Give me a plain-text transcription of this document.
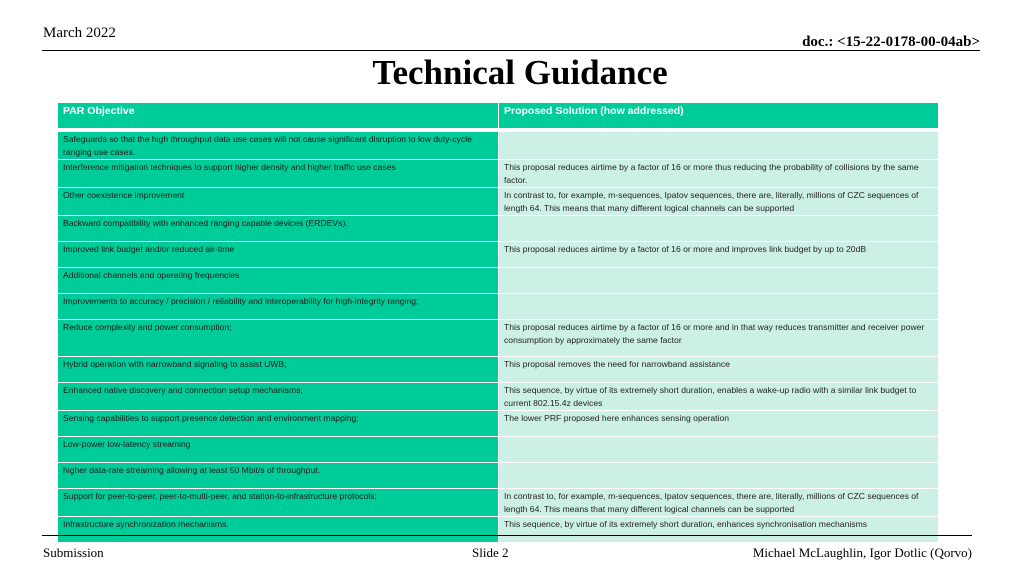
March 2022
doc.: <15-22-0178-00-04ab>
Technical Guidance
PAR Objective	Proposed Solution (how addressed)

Safeguards so that the high throughput data use cases will not cause significant disruption to low duty-cycle ranging use cases.	
Interference mitigation techniques to support higher density and higher traffic use cases	This proposal reduces airtime by a factor of 16 or more thus reducing the probability of collisions by the same factor.
Other coexistence improvement	In contrast to, for example, m-sequences, Ipatov sequences, there are, literally, millions of CZC sequences of length 64. This means that many different logical channels can be supported
Backward compatibility with enhanced ranging capable devices (ERDEVs).	
Improved link budget and/or reduced air-time	This proposal reduces airtime by a factor of 16 or more and improves link budget by up to 20dB
Additional channels and operating frequencies	
Improvements to accuracy / precision / reliability and interoperability for high-integrity ranging;	
Reduce complexity and power consumption;	This proposal reduces airtime by a factor of 16 or more and in that way reduces transmitter and receiver power consumption by approximately the same factor
Hybrid operation with narrowband signaling to assist UWB;	This proposal removes the need for narrowband assistance
Enhanced native discovery and connection setup mechanisms;	This sequence, by virtue of its extremely short duration, enables a wake-up radio with a similar link budget to current 802.15.4z devices
Sensing capabilities to support presence detection and environment mapping;	The lower PRF proposed here enhances sensing operation
Low-power low-latency streaming	
higher data-rate streaming allowing at least 50 Mbit/s of throughput.	
Support for peer-to-peer, peer-to-multi-peer, and station-to-infrastructure protocols;	In contrast to, for example, m-sequences, Ipatov sequences, there are, literally, millions of CZC sequences of length 64. This means that many different logical channels can be supported
Infrastructure synchronization mechanisms.	This sequence, by virtue of its extremely short duration, enhances synchronisation mechanisms
Submission	Slide 2	Michael McLaughlin, Igor Dotlic (Qorvo)
